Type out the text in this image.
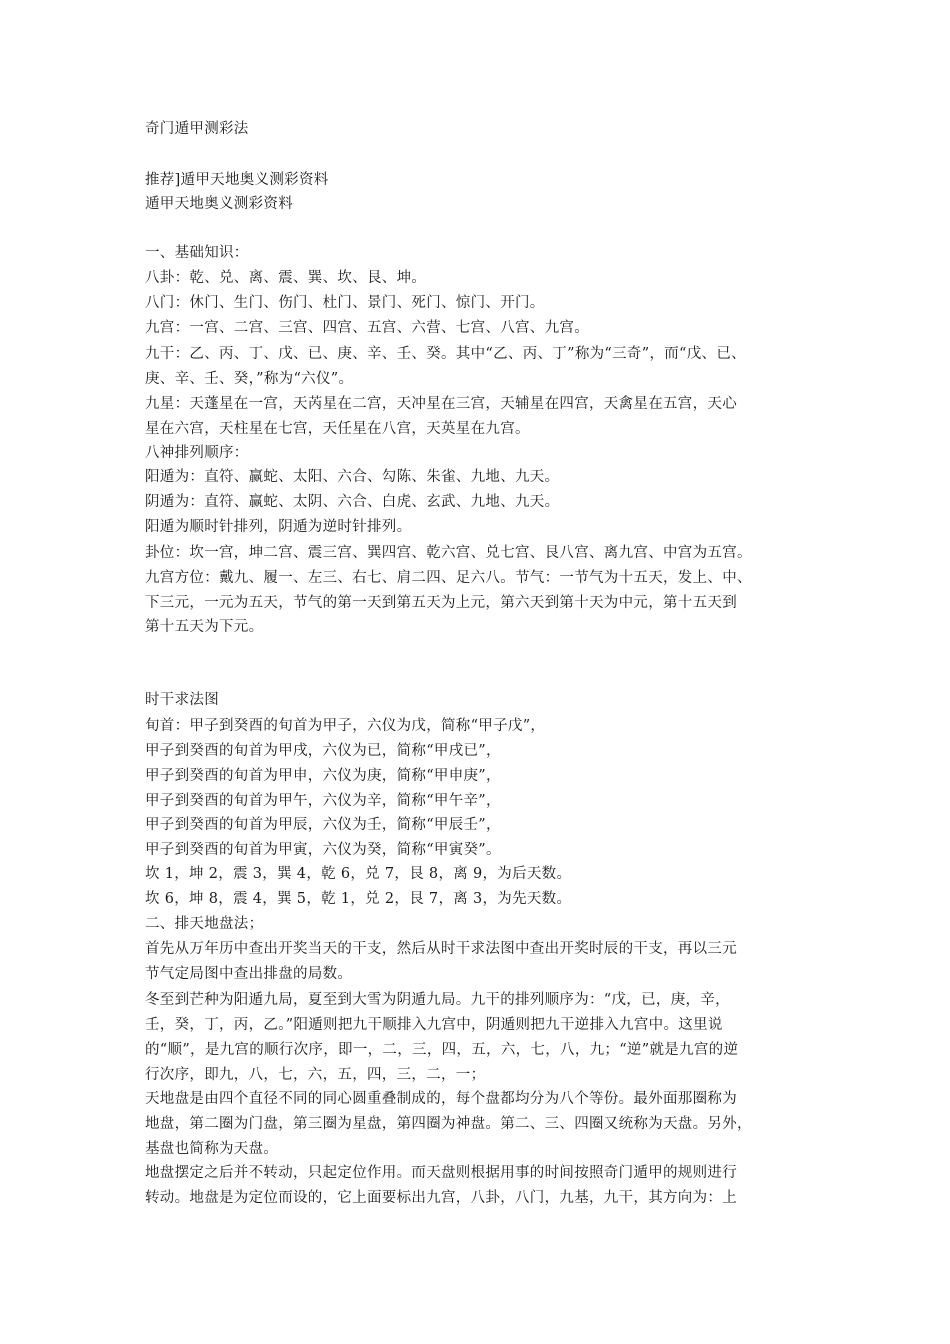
奇门遁甲测彩法
推荐]遁甲天地奥义测彩资料
遁甲天地奥义测彩资料
一、基础知识：
八卦：乾、兑、离、震、巽、坎、艮、坤。
八门：休门、生门、伤门、杜门、景门、死门、惊门、开门。
九宫：一宫、二宫、三宫、四宫、五宫、六营、七宫、八宫、九宫。
九干：乙、丙、丁、戊、已、庚、辛、壬、癸。其中“乙、丙、丁”称为“三奇”，而“戊、已、
庚、辛、壬、癸，”称为“六仪”。
九星：天蓬星在一宫，天芮星在二宫，天冲星在三宫，天辅星在四宫，天禽星在五宫，天心
星在六宫，天柱星在七宫，天任星在八宫，天英星在九宫。
八神排列顺序：
阳遁为：直符、赢蛇、太阳、六合、勾陈、朱雀、九地、九天。
阴遁为：直符、赢蛇、太阴、六合、白虎、玄武、九地、九天。
阳遁为顺时针排列，阴遁为逆时针排列。
卦位：坎一宫，坤二宫、震三宫、巽四宫、乾六宫、兑七宫、艮八宫、离九宫、中宫为五宫。
九宫方位：戴九、履一、左三、右七、肩二四、足六八。节气：一节气为十五天，发上、中、
下三元，一元为五天，节气的第一天到第五天为上元，第六天到第十天为中元，第十五天到
第十五天为下元。
时干求法图
旬首：甲子到癸酉的旬首为甲子，六仪为戊，简称“甲子戊”，
甲子到癸酉的旬首为甲戌，六仪为已，简称“甲戌已”，
甲子到癸酉的旬首为甲申，六仪为庚，简称“甲申庚”，
甲子到癸酉的旬首为甲午，六仪为辛，简称“甲午辛”，
甲子到癸酉的旬首为甲辰，六仪为壬，简称“甲辰壬”，
甲子到癸酉的旬首为甲寅，六仪为癸，简称“甲寅癸”。
坎 1，坤 2，震 3，巽 4，乾 6，兑 7，艮 8，离 9，为后天数。
坎 6，坤 8，震 4，巽 5，乾 1，兑 2，艮 7，离 3，为先天数。
二、排天地盘法；
首先从万年历中查出开奖当天的干支，然后从时干求法图中查出开奖时辰的干支，再以三元
节气定局图中查出排盘的局数。
冬至到芒种为阳遁九局，夏至到大雪为阴遁九局。九干的排列顺序为：“戊，已，庚，辛，
壬，癸，丁，丙，乙。”阳遁则把九干顺排入九宫中，阴遁则把九干逆排入九宫中。这里说
的“顺”，是九宫的顺行次序，即一，二，三，四，五，六，七，八，九；“逆”就是九宫的逆
行次序，即九，八，七，六，五，四，三，二，一；
天地盘是由四个直径不同的同心圆重叠制成的，每个盘都均分为八个等份。最外面那圈称为
地盘，第二圈为门盘，第三圈为星盘，第四圈为神盘。第二、三、四圈又统称为天盘。另外，
基盘也简称为天盘。
地盘摆定之后并不转动，只起定位作用。而天盘则根据用事的时间按照奇门遁甲的规则进行
转动。地盘是为定位而设的，它上面要标出九宫，八卦，八门，九基，九干，其方向为：上
